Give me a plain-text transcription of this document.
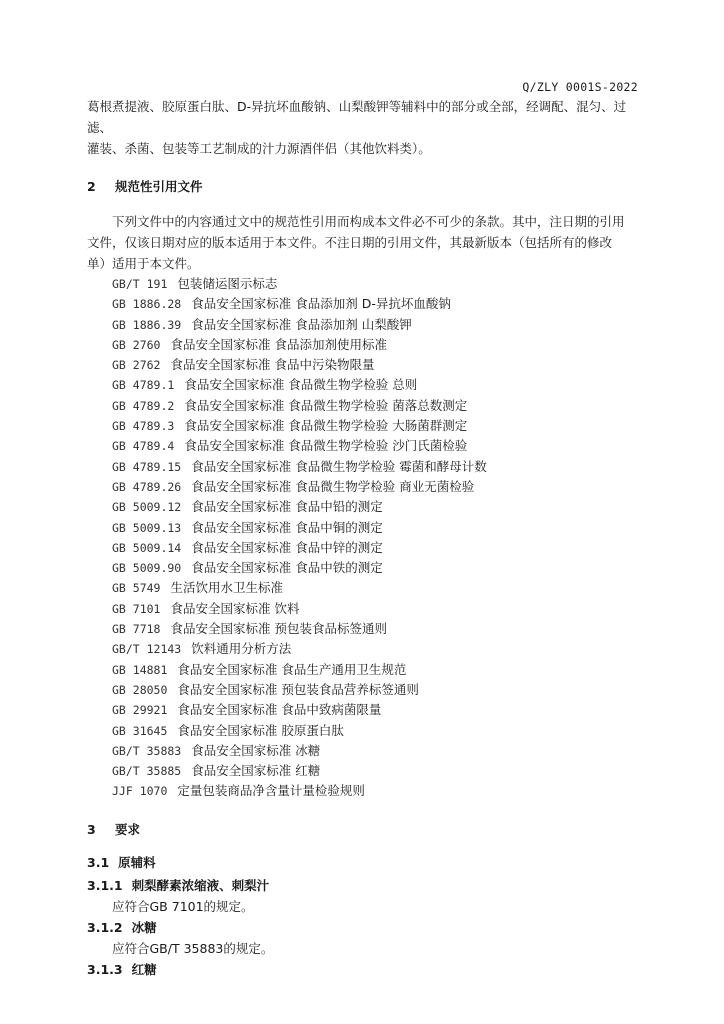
Q/ZLY 0001S-2022

葛根煮提液、胶原蛋白肽、D-异抗坏血酸钠、山梨酸钾等辅料中的部分或全部，经调配、混匀、过滤、

灌装、杀菌、包装等工艺制成的汁力源酒伴侣（其他饮料类）。

2 规范性引用文件

下列文件中的内容通过文中的规范性引用而构成本文件必不可少的条款。其中，注日期的引用

文件，仅该日期对应的版本适用于本文件。不注日期的引用文件，其最新版本（包括所有的修改

单）适用于本文件。

GB/T 191 包装储运图示标志
GB 1886.28 食品安全国家标准 食品添加剂 D-异抗坏血酸钠
GB 1886.39 食品安全国家标准 食品添加剂 山梨酸钾
GB 2760 食品安全国家标准 食品添加剂使用标准
GB 2762 食品安全国家标准 食品中污染物限量
GB 4789.1 食品安全国家标准 食品微生物学检验 总则
GB 4789.2 食品安全国家标准 食品微生物学检验 菌落总数测定
GB 4789.3 食品安全国家标准 食品微生物学检验 大肠菌群测定
GB 4789.4 食品安全国家标准 食品微生物学检验 沙门氏菌检验
GB 4789.15 食品安全国家标准 食品微生物学检验 霉菌和酵母计数
GB 4789.26 食品安全国家标准 食品微生物学检验 商业无菌检验
GB 5009.12 食品安全国家标准 食品中铅的测定
GB 5009.13 食品安全国家标准 食品中铜的测定
GB 5009.14 食品安全国家标准 食品中锌的测定
GB 5009.90 食品安全国家标准 食品中铁的测定
GB 5749 生活饮用水卫生标准
GB 7101 食品安全国家标准 饮料
GB 7718 食品安全国家标准 预包装食品标签通则
GB/T 12143 饮料通用分析方法
GB 14881 食品安全国家标准 食品生产通用卫生规范
GB 28050 食品安全国家标准 预包装食品营养标签通则
GB 29921 食品安全国家标准 食品中致病菌限量
GB 31645 食品安全国家标准 胶原蛋白肽
GB/T 35883 食品安全国家标准 冰糖
GB/T 35885 食品安全国家标准 红糖
JJF 1070 定量包装商品净含量计量检验规则
3 要求
3.1 原辅料
3.1.1 刺梨酵素浓缩液、刺梨汁

应符合GB 7101的规定。

3.1.2 冰糖

应符合GB/T 35883的规定。

3.1.3 红糖
